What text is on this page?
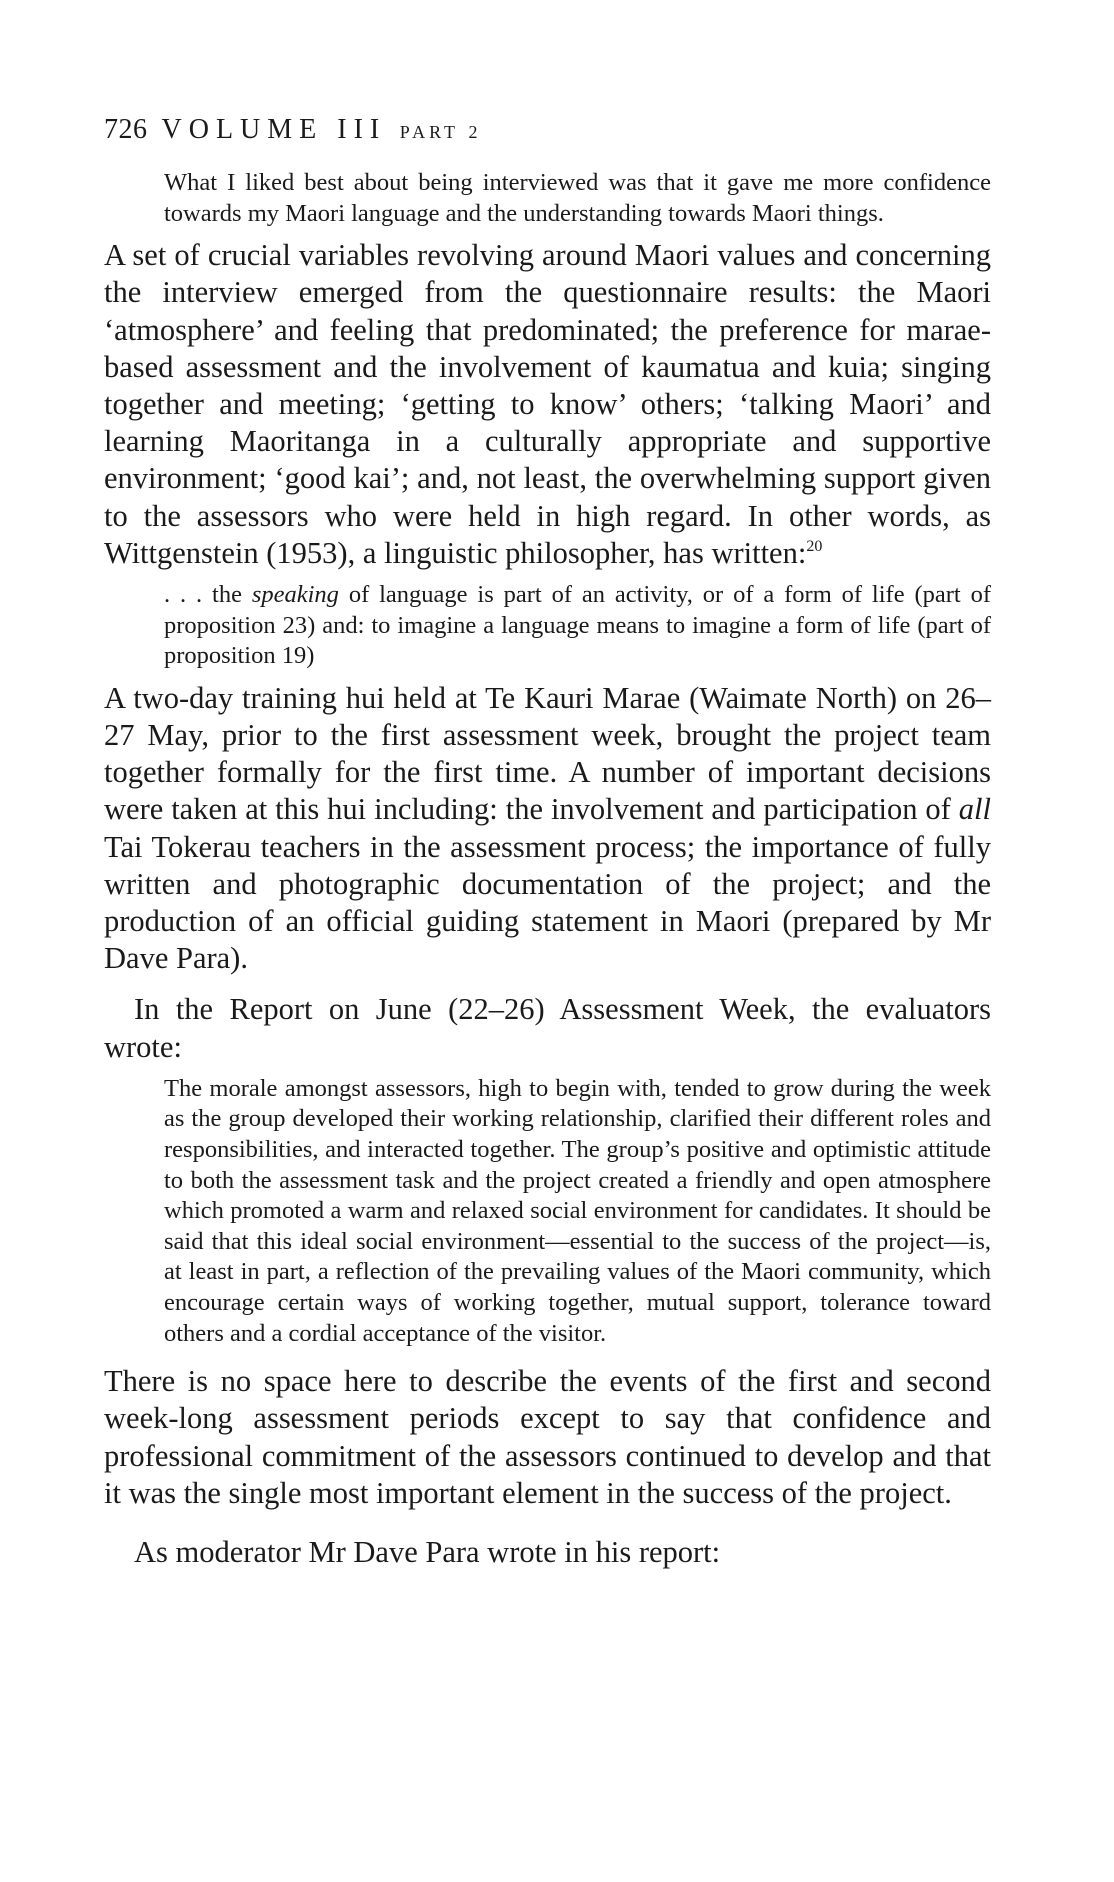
726 VOLUME III PART 2

What I liked best about being interviewed was that it gave me more confidence towards my Maori language and the understanding towards Maori things.

A set of crucial variables revolving around Maori values and concerning the interview emerged from the questionnaire results: the Maori ‘atmosphere’ and feeling that predominated; the preference for marae-based assessment and the involvement of kaumatua and kuia; singing together and meeting; ‘getting to know’ others; ‘talking Maori’ and learning Maoritanga in a culturally appropriate and supportive environment; ‘good kai’; and, not least, the overwhelming support given to the assessors who were held in high regard. In other words, as Wittgenstein (1953), a linguistic philosopher, has written:$^{20}$

. . . the speaking of language is part of an activity, or of a form of life (part of proposition 23) and: to imagine a language means to imagine a form of life (part of proposition 19)

A two-day training hui held at Te Kauri Marae (Waimate North) on 26–27 May, prior to the first assessment week, brought the project team together formally for the first time. A number of important decisions were taken at this hui including: the involvement and participation of all Tai Tokerau teachers in the assessment process; the importance of fully written and photographic documentation of the project; and the production of an official guiding statement in Maori (prepared by Mr Dave Para).

In the Report on June (22–26) Assessment Week, the evaluators wrote:

The morale amongst assessors, high to begin with, tended to grow during the week as the group developed their working relationship, clarified their different roles and responsibilities, and interacted together. The group’s positive and optimistic attitude to both the assessment task and the project created a friendly and open atmosphere which promoted a warm and relaxed social environment for candidates. It should be said that this ideal social environment—essential to the success of the project—is, at least in part, a reflection of the prevailing values of the Maori community, which encourage certain ways of working together, mutual support, tolerance toward others and a cordial acceptance of the visitor.

There is no space here to describe the events of the first and second week-long assessment periods except to say that confidence and professional commitment of the assessors continued to develop and that it was the single most important element in the success of the project.

As moderator Mr Dave Para wrote in his report:
